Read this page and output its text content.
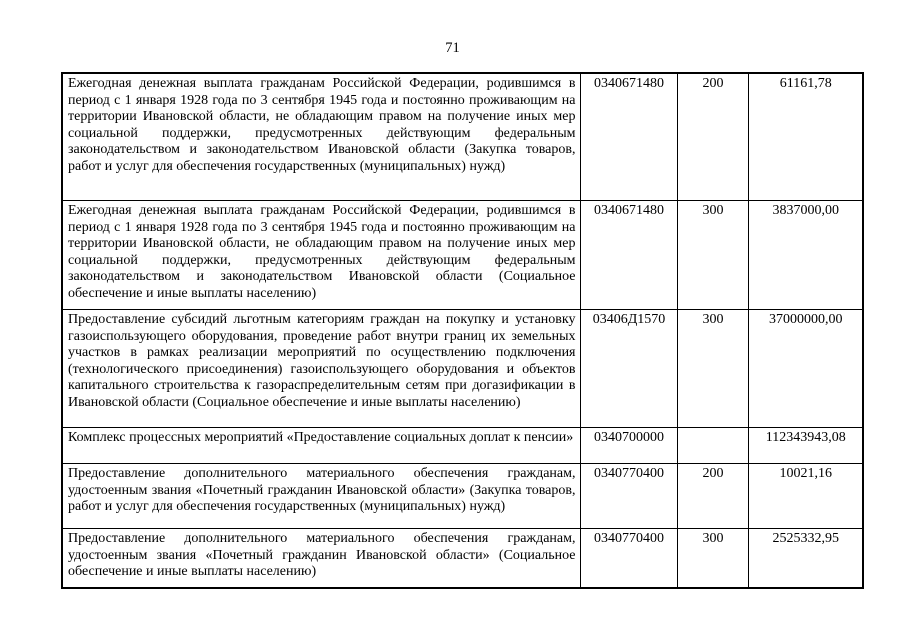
71
Ежегодная денежная выплата гражданам Российской Федерации, родившимся в период с 1 января 1928 года по 3 сентября 1945 года и постоянно проживающим на территории Ивановской области, не обладающим правом на получение иных мер социальной поддержки, предусмотренных действующим федеральным законодательством и законодательством Ивановской области (Закупка товаров, работ и услуг для обеспечения государственных (муниципальных) нужд)	0340671480	200	61161,78
Ежегодная денежная выплата гражданам Российской Федерации, родившимся в период с 1 января 1928 года по 3 сентября 1945 года и постоянно проживающим на территории Ивановской области, не обладающим правом на получение иных мер социальной поддержки, предусмотренных действующим федеральным законодательством и законодательством Ивановской области (Социальное обеспечение и иные выплаты населению)	0340671480	300	3837000,00
Предоставление субсидий льготным категориям граждан на покупку и установку газоиспользующего оборудования, проведение работ внутри границ их земельных участков в рамках реализации мероприятий по осуществлению подключения (технологического присоединения) газоиспользующего оборудования и объектов капитального строительства к газораспределительным сетям при догазификации в Ивановской области (Социальное обеспечение и иные выплаты населению)	03406Д1570	300	37000000,00
Комплекс процессных мероприятий «Предоставление социальных доплат к пенсии»	0340700000		112343943,08
Предоставление дополнительного материального обеспечения гражданам, удостоенным звания «Почетный гражданин Ивановской области» (Закупка товаров, работ и услуг для обеспечения государственных (муниципальных) нужд)	0340770400	200	10021,16
Предоставление дополнительного материального обеспечения гражданам, удостоенным звания «Почетный гражданин Ивановской области» (Социальное обеспечение и иные выплаты населению)	0340770400	300	2525332,95
